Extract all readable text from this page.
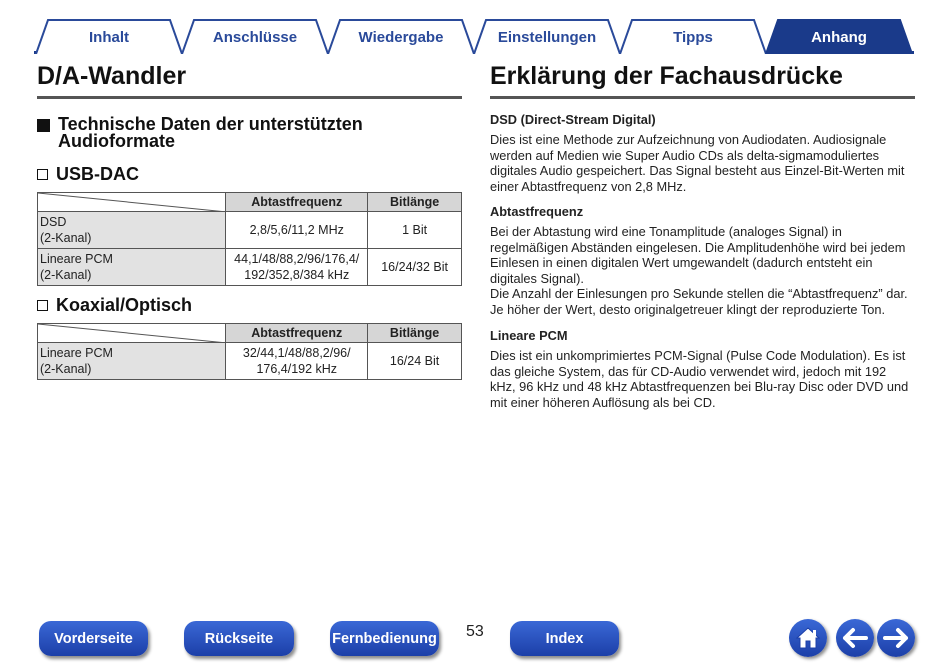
Inhalt	Anschlüsse	Wiedergabe	Einstellungen	Tipps	Anhang
D/A-Wandler
Technische Daten der unterstützten Audioformate
USB-DAC
	Abtastfrequenz	Bitlänge
DSD
(2-Kanal)	2,8/5,6/11,2 MHz	1 Bit
Lineare PCM
(2-Kanal)	44,1/48/88,2/96/176,4/
192/352,8/384 kHz	16/24/32 Bit
Koaxial/Optisch
	Abtastfrequenz	Bitlänge
Lineare PCM
(2-Kanal)	32/44,1/48/88,2/96/
176,4/192 kHz	16/24 Bit
Erklärung der Fachausdrücke
DSD (Direct-Stream Digital)
Dies ist eine Methode zur Aufzeichnung von Audiodaten. Audiosignale werden auf Medien wie Super Audio CDs als delta-sigmamoduliertes digitales Audio gespeichert. Das Signal besteht aus Einzel-Bit-Werten mit einer Abtastfrequenz von 2,8 MHz.
Abtastfrequenz
Bei der Abtastung wird eine Tonamplitude (analoges Signal) in regelmäßigen Abständen eingelesen. Die Amplitudenhöhe wird bei jedem Einlesen in einen digitalen Wert umgewandelt (dadurch entsteht ein digitales Signal).
Die Anzahl der Einlesungen pro Sekunde stellen die “Abtastfrequenz” dar. Je höher der Wert, desto originalgetreuer klingt der reproduzierte Ton.
Lineare PCM
Dies ist ein unkomprimiertes PCM-Signal (Pulse Code Modulation). Es ist das gleiche System, das für CD-Audio verwendet wird, jedoch mit 192 kHz, 96 kHz und 48 kHz Abtastfrequenzen bei Blu-ray Disc oder DVD und mit einer höheren Auflösung als bei CD.
Vorderseite	Rückseite	Fernbedienung 53	Index
